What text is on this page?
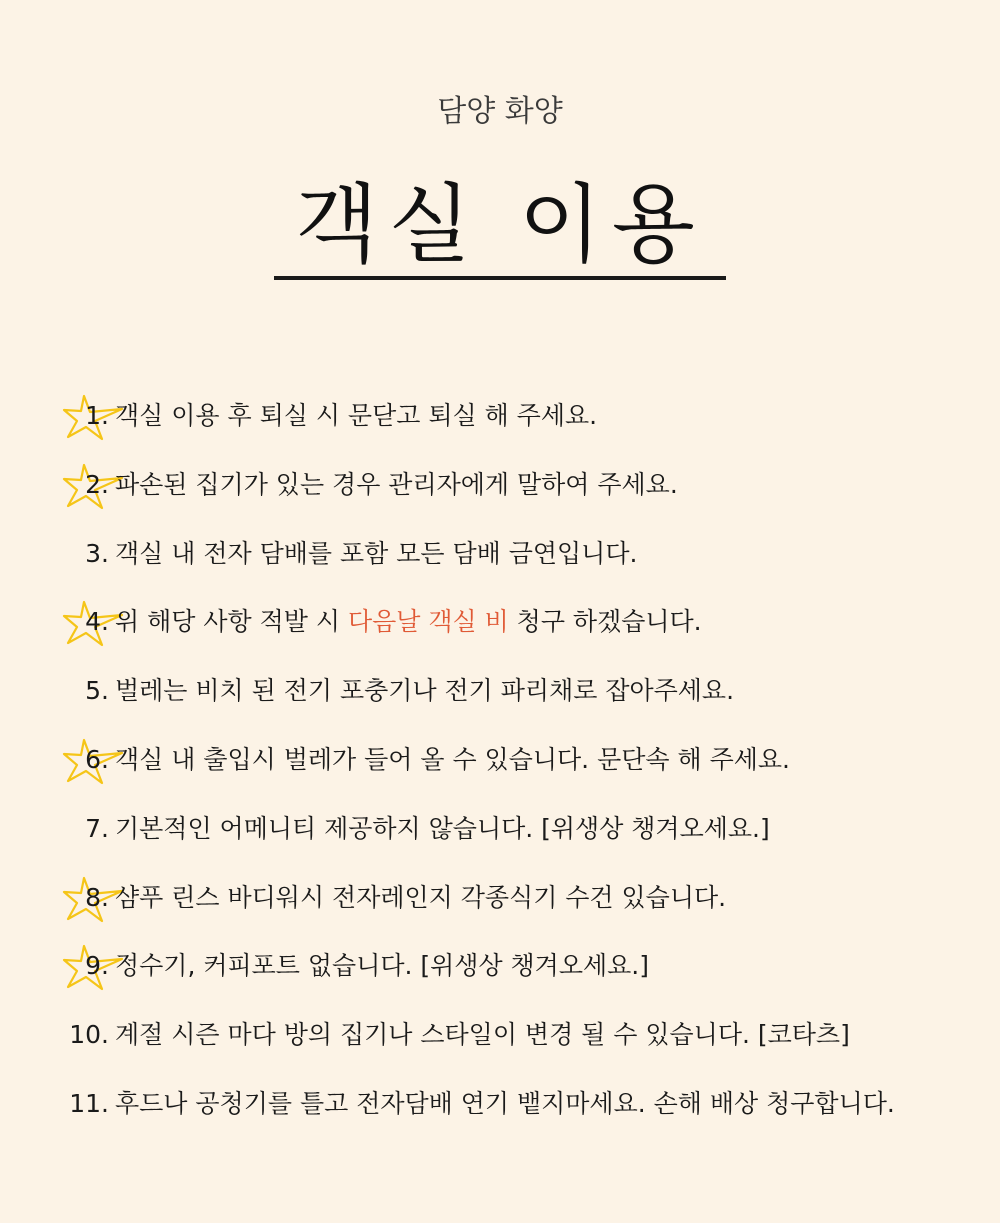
담양 화양
객실 이용
1. 객실 이용 후 퇴실 시 문닫고 퇴실 해 주세요.
2. 파손된 집기가 있는 경우 관리자에게 말하여 주세요.
3. 객실 내 전자 담배를 포함 모든 담배 금연입니다.
4. 위 해당 사항 적발 시 다음날 객실 비 청구 하겠습니다.
5. 벌레는 비치 된 전기 포충기나 전기 파리채로 잡아주세요.
6. 객실 내 출입시 벌레가 들어 올 수 있습니다. 문단속 해 주세요.
7. 기본적인 어메니티 제공하지 않습니다. [위생상 챙겨오세요.]
8. 샴푸 린스 바디워시 전자레인지 각종식기 수건 있습니다.
9. 정수기, 커피포트 없습니다. [위생상 챙겨오세요.]
10. 계절 시즌 마다 방의 집기나 스타일이 변경 될 수 있습니다. [코타츠]
11. 후드나 공청기를 틀고 전자담배 연기 뱉지마세요. 손해 배상 청구합니다.
